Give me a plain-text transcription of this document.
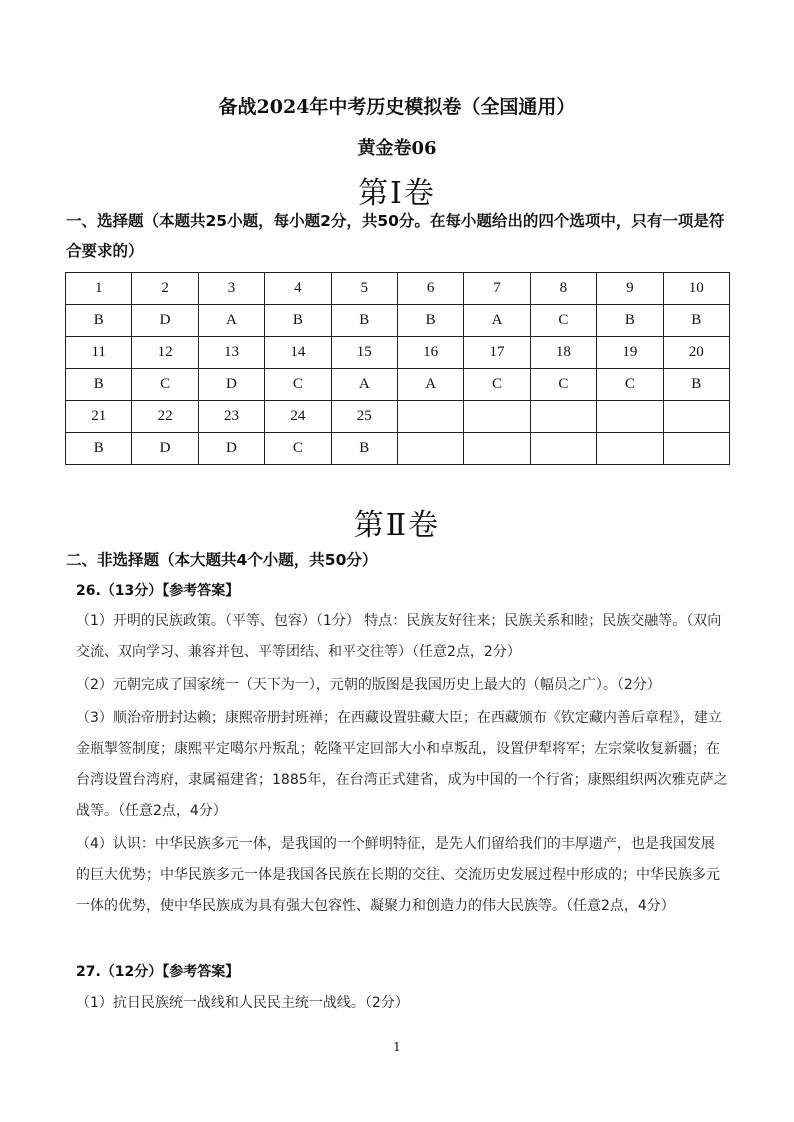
备战2024年中考历史模拟卷（全国通用）
黄金卷06
第Ⅰ卷
一、选择题（本题共25小题，每小题2分，共50分。在每小题给出的四个选项中，只有一项是符合要求的）
1	2	3	4	5	6	7	8	9	10
B	D	A	B	B	B	A	C	B	B
11	12	13	14	15	16	17	18	19	20
B	C	D	C	A	A	C	C	C	B
21	22	23	24	25					
B	D	D	C	B					
第Ⅱ卷
二、非选择题（本大题共4个小题，共50分）
26.（13分）【参考答案】
（1）开明的民族政策。（平等、包容）（1分） 特点：民族友好往来；民族关系和睦；民族交融等。（双向交流、双向学习、兼容并包、平等团结、和平交往等）（任意2点，2分）
（2）元朝完成了国家统一（天下为一），元朝的版图是我国历史上最大的（幅员之广）。（2分）
（3）顺治帝册封达赖；康熙帝册封班禅；在西藏设置驻藏大臣；在西藏颁布《钦定藏内善后章程》，建立金瓶掣签制度；康熙平定噶尔丹叛乱；乾隆平定回部大小和卓叛乱，设置伊犁将军；左宗棠收复新疆；在台湾设置台湾府，隶属福建省；1885年，在台湾正式建省，成为中国的一个行省；康熙组织两次雅克萨之战等。（任意2点，4分）
（4）认识：中华民族多元一体，是我国的一个鲜明特征，是先人们留给我们的丰厚遗产，也是我国发展的巨大优势；中华民族多元一体是我国各民族在长期的交往、交流历史发展过程中形成的；中华民族多元一体的优势，使中华民族成为具有强大包容性、凝聚力和创造力的伟大民族等。（任意2点，4分）
27.（12分）【参考答案】
（1）抗日民族统一战线和人民民主统一战线。（2分）
1
